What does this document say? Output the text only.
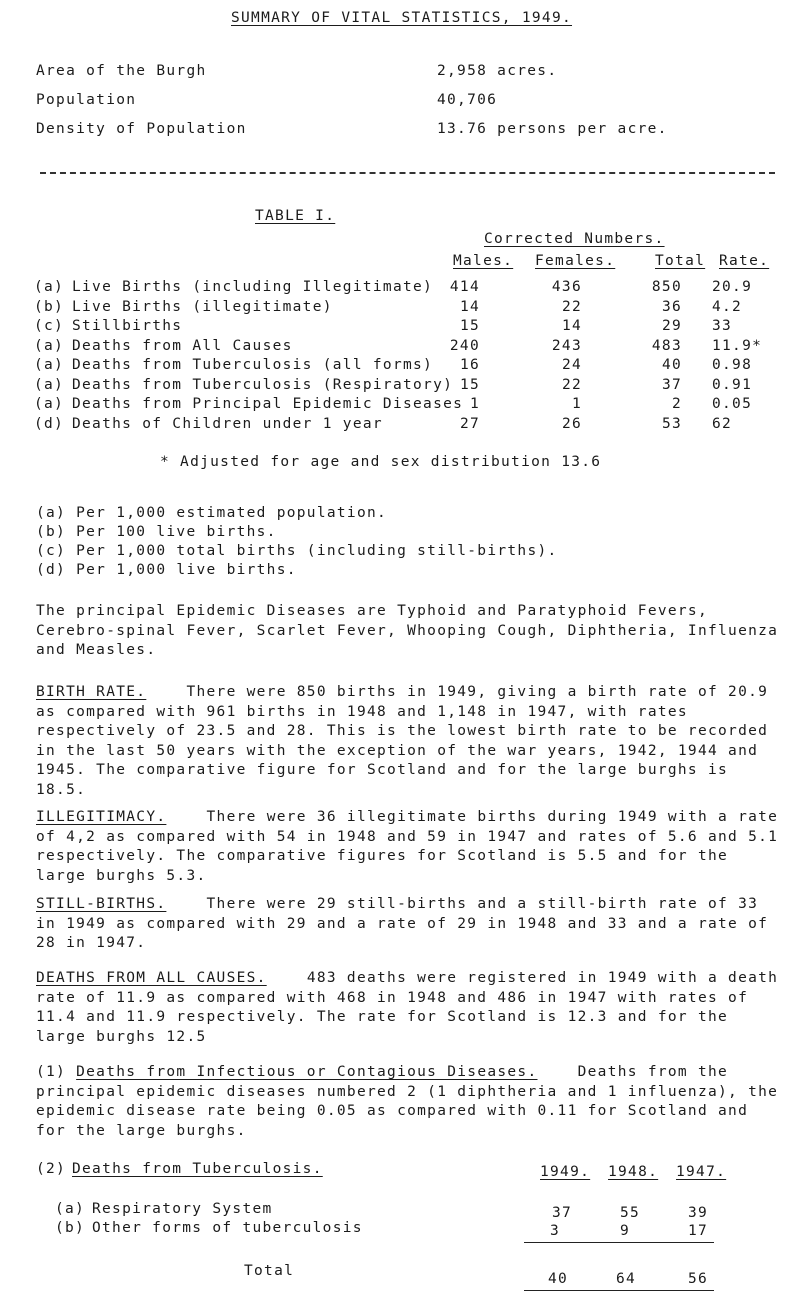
SUMMARY OF VITAL STATISTICS, 1949.
Area of the Burgh	2,958 acres.
Population	40,706
Density of Population	13.76 persons per acre.
TABLE I.
Corrected Numbers.
Males. Females.	Total Rate.
(a) Live Births (including Illegitimate)	414	436	850 20.9
(b) Live Births (illegitimate)	14	22	36 4.2
(c) Stillbirths	15	14	29 33
(a) Deaths from All Causes	240	243	483 11.9*
(a) Deaths from Tuberculosis (all forms)	16	24	40 0.98
(a) Deaths from Tuberculosis (Respiratory) 15	22	37 0.91
(a) Deaths from Principal Epidemic Diseases 1	1	2 0.05
(d) Deaths of Children under 1 year	27	26	53 62
* Adjusted for age and sex distribution 13.6
(a) Per 1,000 estimated population.
(b) Per 100 live births.
(c) Per 1,000 total births (including still-births).
(d) Per 1,000 live births.
The principal Epidemic Diseases are Typhoid and Paratyphoid Fevers, Cerebro-spinal Fever, Scarlet Fever, Whooping Cough, Diphtheria, Influenza and Measles.
BIRTH RATE.	There were 850 births in 1949, giving a birth rate of 20.9 as compared with 961 births in 1948 and 1,148 in 1947, with rates respectively of 23.5 and 28. This is the lowest birth rate to be recorded in the last 50 years with the exception of the war years, 1942, 1944 and 1945. The comparative figure for Scotland and for the large burghs is 18.5.
ILLEGITIMACY.	There were 36 illegitimate births during 1949 with a rate of 4,2 as compared with 54 in 1948 and 59 in 1947 and rates of 5.6 and 5.1 respectively. The comparative figures for Scotland is 5.5 and for the large burghs 5.3.
STILL-BIRTHS.	There were 29 still-births and a still-birth rate of 33 in 1949 as compared with 29 and a rate of 29 in 1948 and 33 and a rate of 28 in 1947.
DEATHS FROM ALL CAUSES.	483 deaths were registered in 1949 with a death rate of 11.9 as compared with 468 in 1948 and 486 in 1947 with rates of 11.4 and 11.9 respectively. The rate for Scotland is 12.3 and for the large burghs 12.5
(1) Deaths from Infectious or Contagious Diseases.	Deaths from the principal epidemic diseases numbered 2 (1 diphtheria and 1 influenza), the epidemic disease rate being 0.05 as compared with 0.11 for Scotland and for the large burghs.
(2) Deaths from Tuberculosis.	1949. 1948. 1947.
(a) Respiratory System	37	55	39
(b) Other forms of tuberculosis	3	9	17
Total	40	64	56
